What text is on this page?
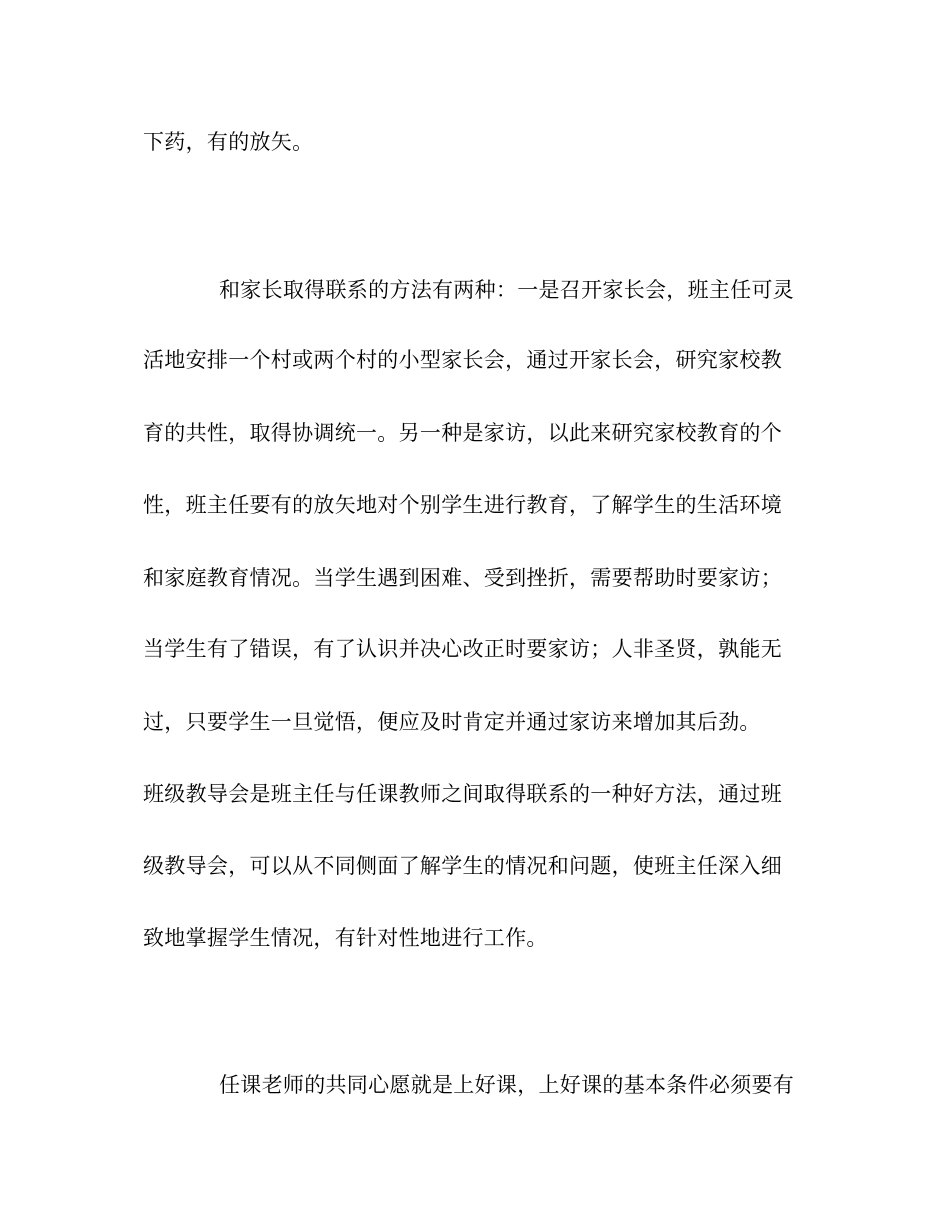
下药，有的放矢。
和家长取得联系的方法有两种：一是召开家长会，班主任可灵
活地安排一个村或两个村的小型家长会，通过开家长会，研究家校教
育的共性，取得协调统一。另一种是家访，以此来研究家校教育的个
性，班主任要有的放矢地对个别学生进行教育，了解学生的生活环境
和家庭教育情况。当学生遇到困难、受到挫折，需要帮助时要家访；
当学生有了错误，有了认识并决心改正时要家访；人非圣贤，孰能无
过，只要学生一旦觉悟，便应及时肯定并通过家访来增加其后劲。
班级教导会是班主任与任课教师之间取得联系的一种好方法，通过班
级教导会，可以从不同侧面了解学生的情况和问题，使班主任深入细
致地掌握学生情况，有针对性地进行工作。
任课老师的共同心愿就是上好课，上好课的基本条件必须要有
